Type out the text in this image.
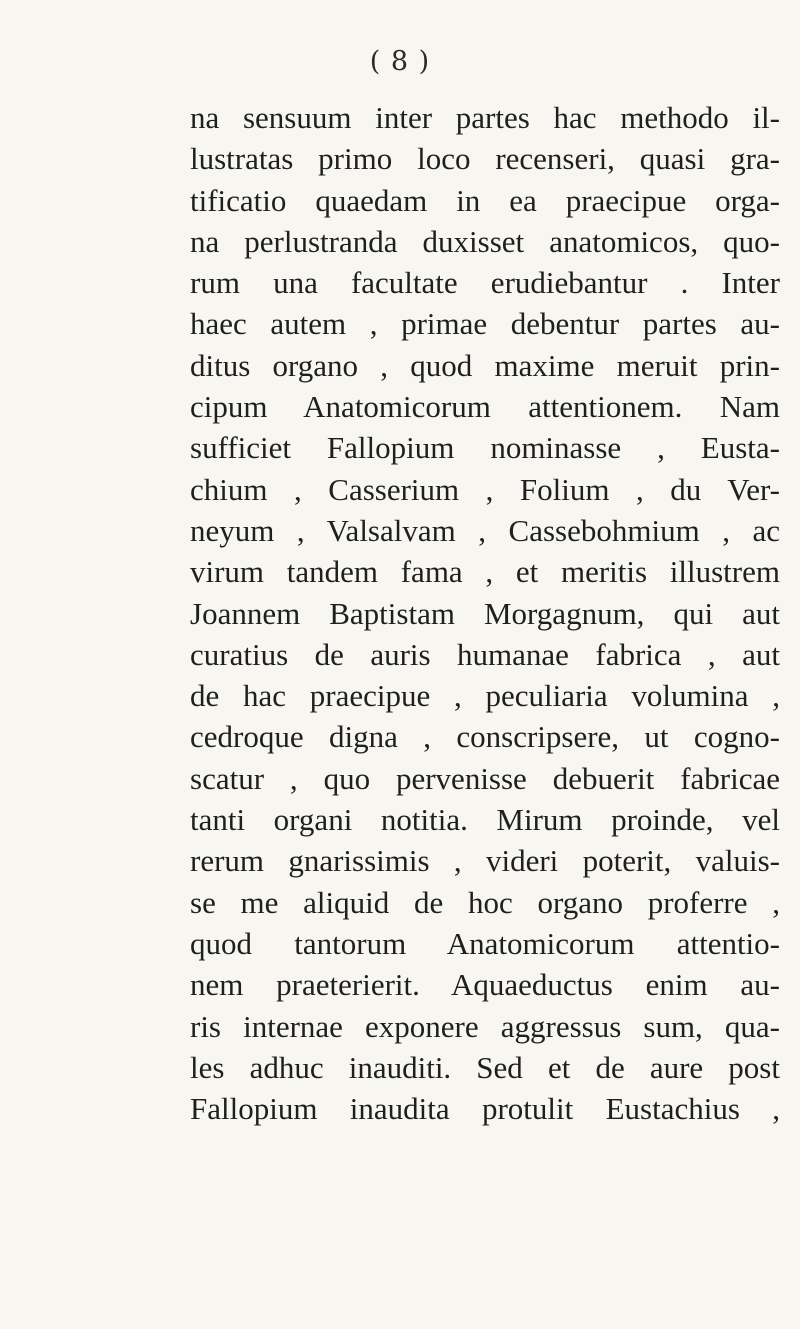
( 8 )
na sensuum inter partes hac methodo il-
lustratas primo loco recenseri, quasi gra-
tificatio quaedam in ea praecipue orga-
na perlustranda duxisset anatomicos, quo-
rum una facultate erudiebantur . Inter
haec autem , primae debentur partes au-
ditus organo , quod maxime meruit prin-
cipum Anatomicorum attentionem. Nam
sufficiet Fallopium nominasse , Eusta-
chium , Casserium , Folium , du Ver-
neyum , Valsalvam , Cassebohmium , ac
virum tandem fama , et meritis illustrem
Joannem Baptistam Morgagnum, qui aut
curatius de auris humanae fabrica , aut
de hac praecipue , peculiaria volumina ,
cedroque digna , conscripsere, ut cogno-
scatur , quo pervenisse debuerit fabricae
tanti organi notitia. Mirum proinde, vel
rerum gnarissimis , videri poterit, valuis-
se me aliquid de hoc organo proferre ,
quod tantorum Anatomicorum attentio-
nem praeterierit. Aquaeductus enim au-
ris internae exponere aggressus sum, qua-
les adhuc inauditi. Sed et de aure post
Fallopium inaudita protulit Eustachius ,
